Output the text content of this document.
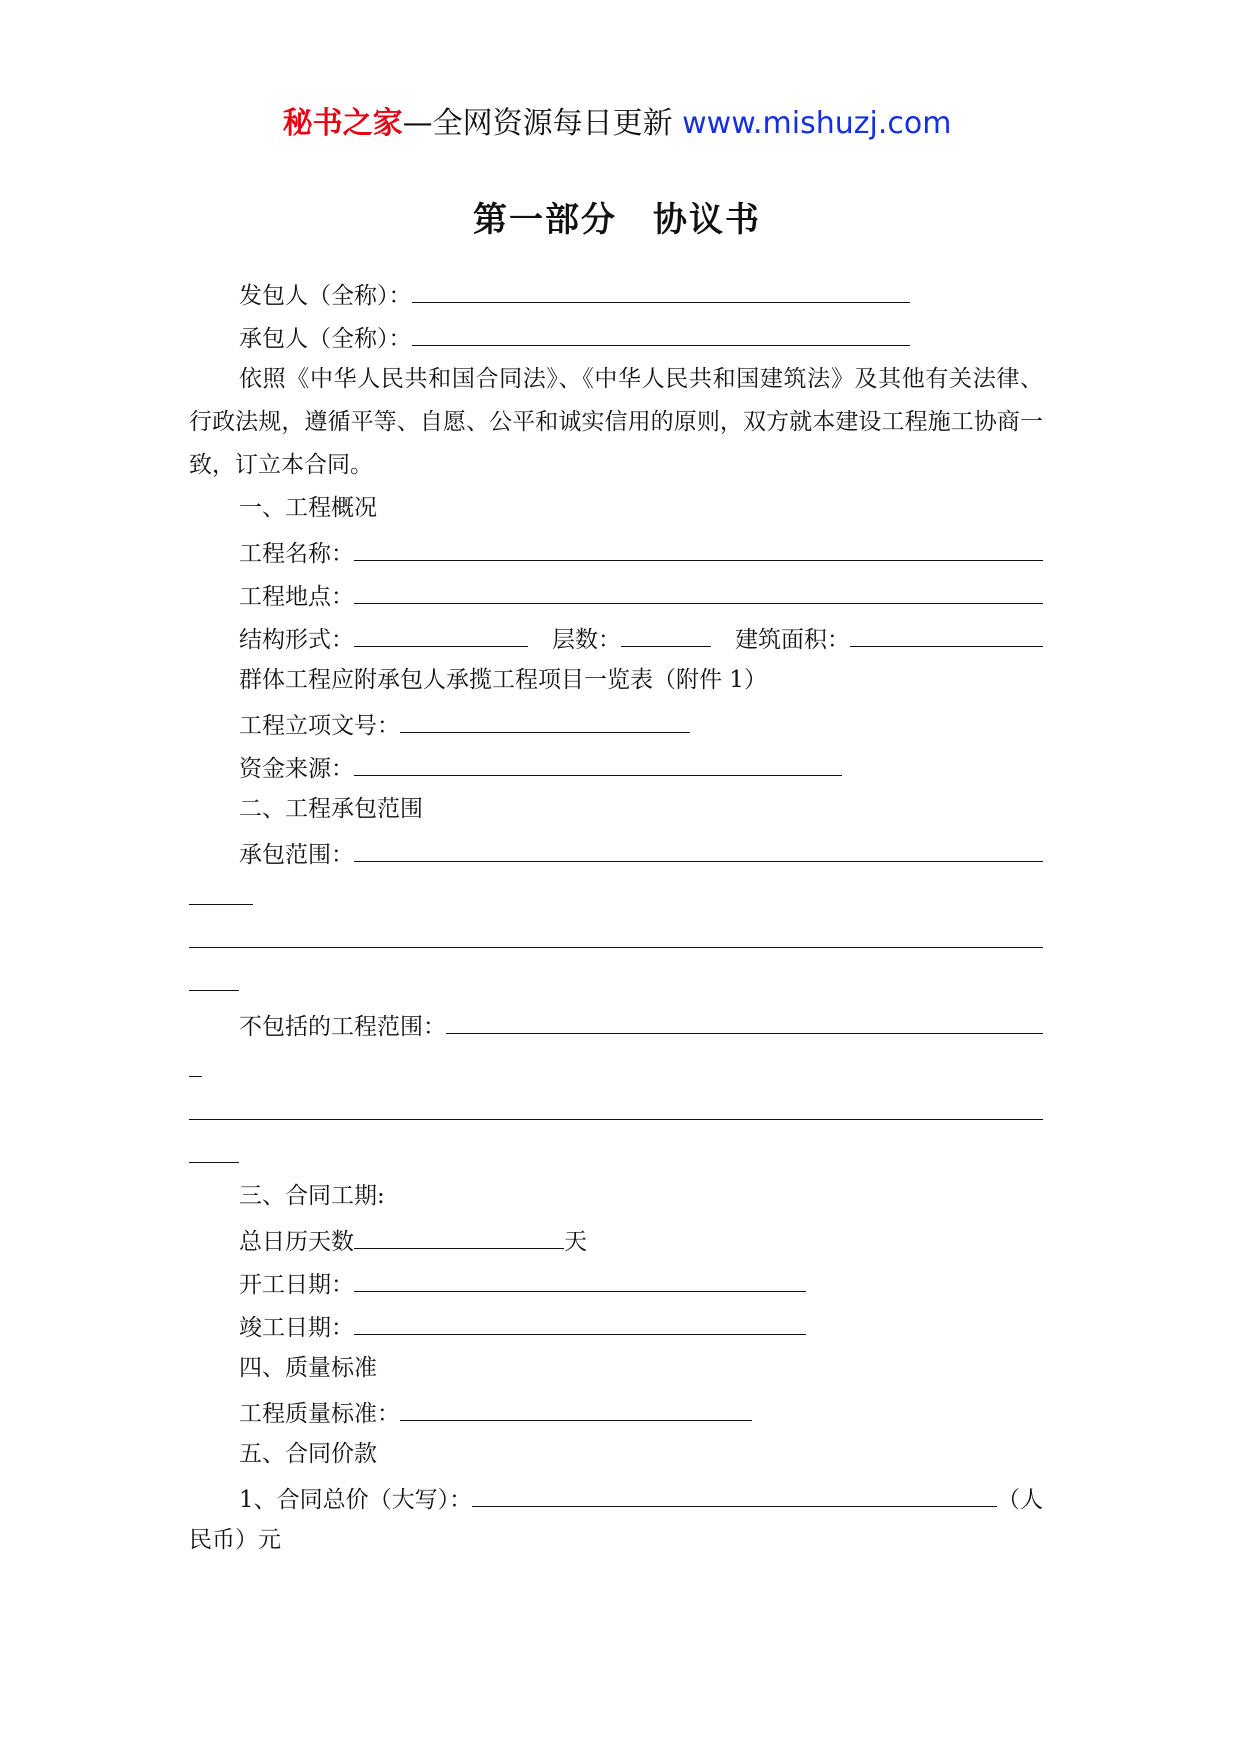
秘书之家—全网资源每日更新 www.mishuzj.com
第一部分　协议书
发包人（全称）：
承包人（全称）：

依照《中华人民共和国合同法》、《中华人民共和国建筑法》及其他有关法律、行政法规，遵循平等、自愿、公平和诚实信用的原则，双方就本建设工程施工协商一致，订立本合同。

一、工程概况
工程名称：
工程地点：
结构形式：	层数：	建筑面积：
群体工程应附承包人承揽工程项目一览表（附件 1）
工程立项文号：
资金来源：
二、工程承包范围
承包范围：
不包括的工程范围：
三、合同工期:
总日历天数	天
开工日期：
竣工日期：
四、质量标准
工程质量标准：
五、合同价款
1、合同总价（大写）：	（人
民币）元
